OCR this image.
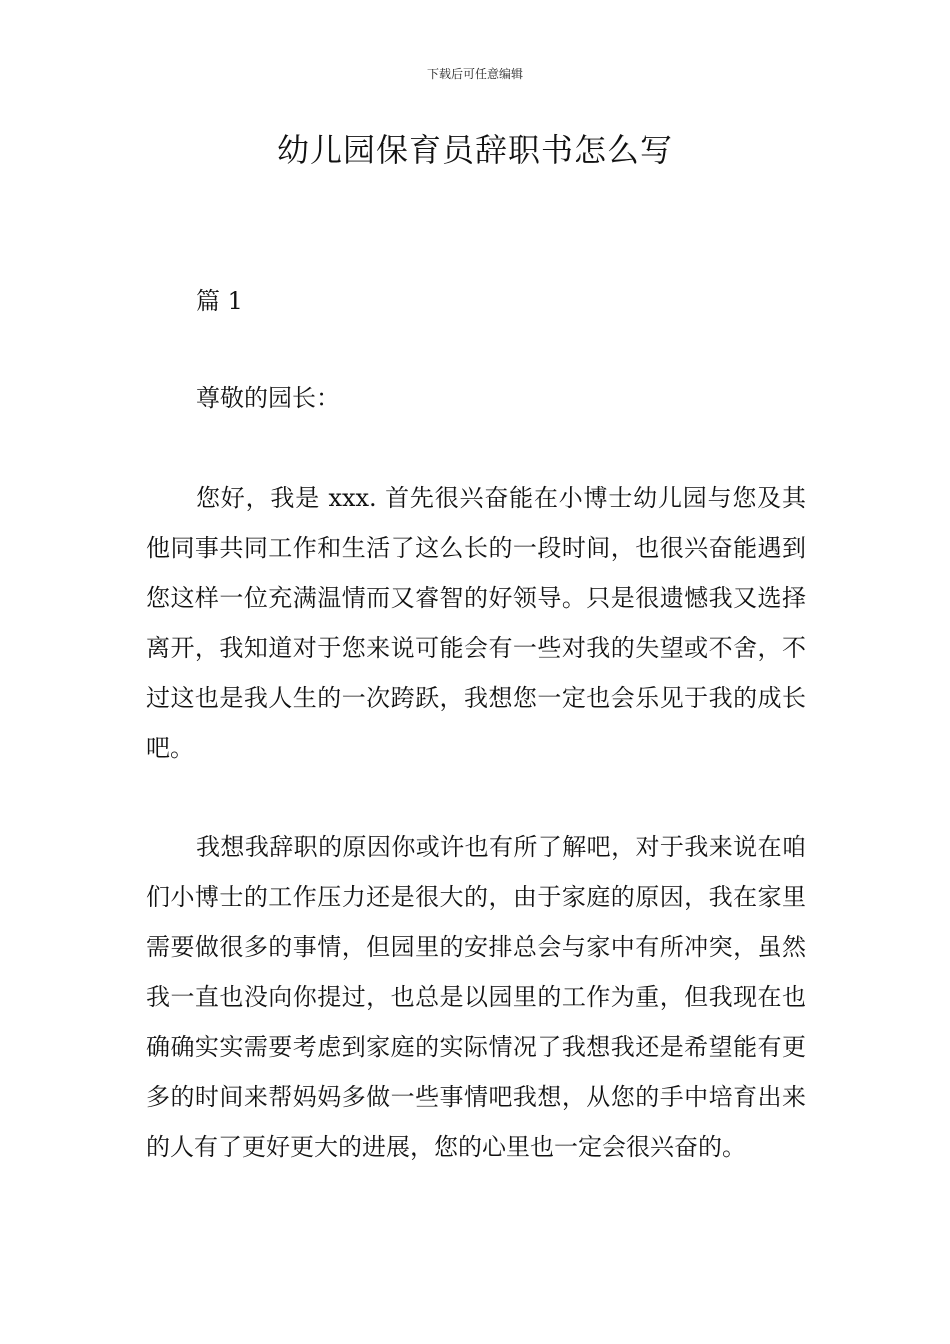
下载后可任意编辑
幼儿园保育员辞职书怎么写
篇 1
尊敬的园长：

您好，我是 xxx. 首先很兴奋能在小博士幼儿园与您及其他同事共同工作和生活了这么长的一段时间，也很兴奋能遇到您这样一位充满温情而又睿智的好领导。只是很遗憾我又选择离开，我知道对于您来说可能会有一些对我的失望或不舍，不过这也是我人生的一次跨跃，我想您一定也会乐见于我的成长吧。

我想我辞职的原因你或许也有所了解吧，对于我来说在咱们小博士的工作压力还是很大的，由于家庭的原因，我在家里需要做很多的事情，但园里的安排总会与家中有所冲突，虽然我一直也没向你提过，也总是以园里的工作为重，但我现在也确确实实需要考虑到家庭的实际情况了我想我还是希望能有更多的时间来帮妈妈多做一些事情吧我想，从您的手中培育出来的人有了更好更大的进展，您的心里也一定会很兴奋的。
